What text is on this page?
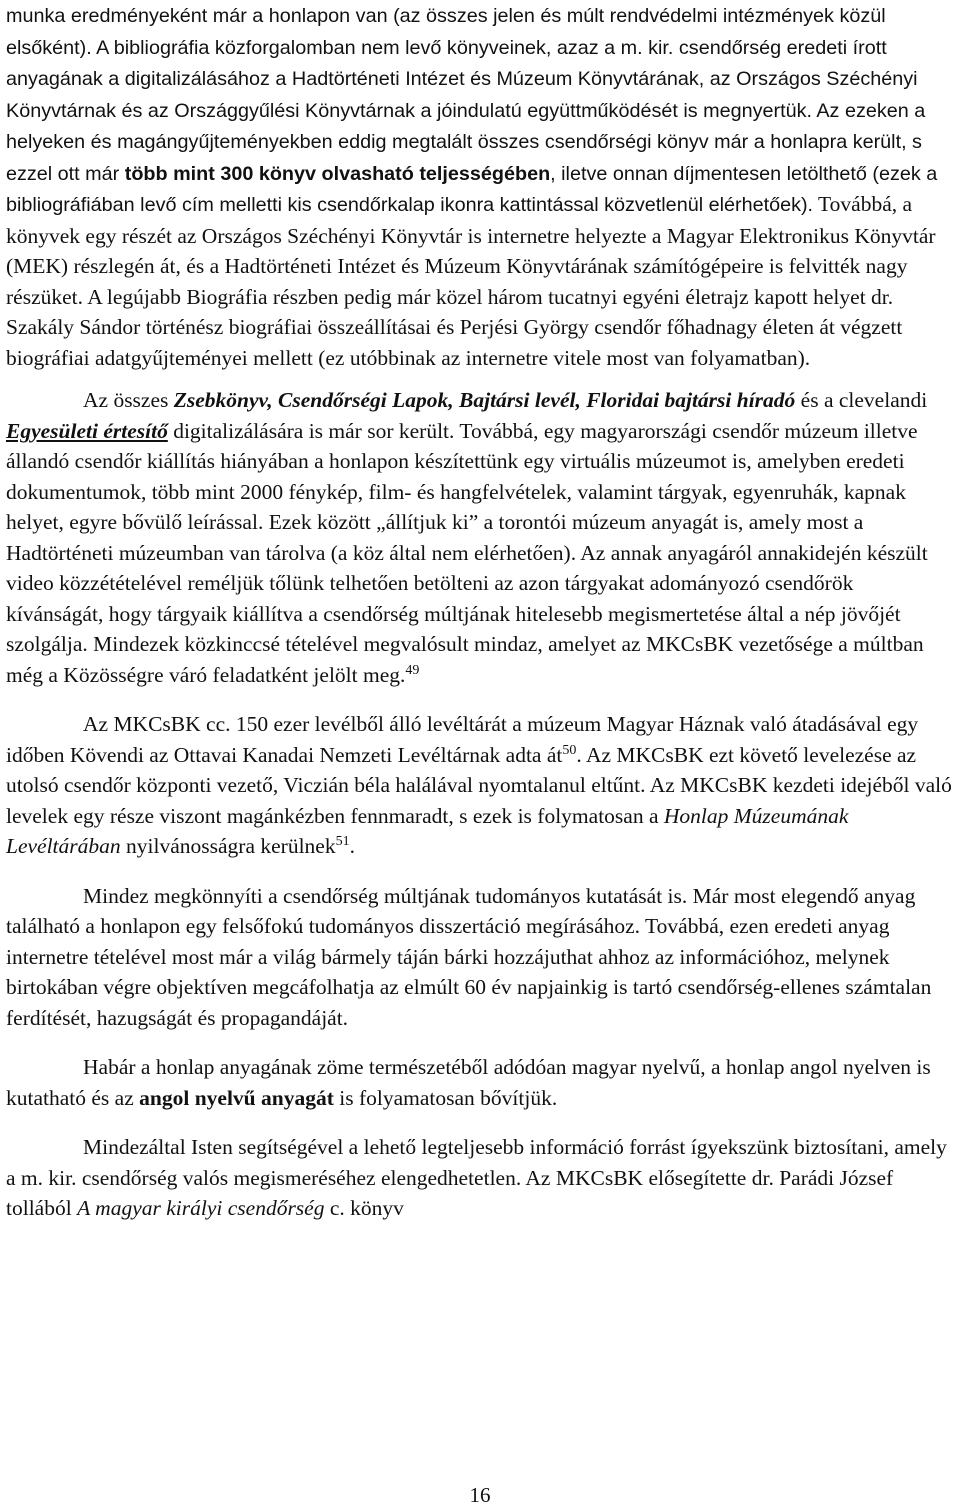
munka eredményeként már a honlapon van (az összes jelen és múlt rendvédelmi intézmények közül elsőként). A bibliográfia közforgalomban nem levő könyveinek, azaz a m. kir. csendőrség eredeti írott anyagának a digitalizálásához a Hadtörténeti Intézet és Múzeum Könyvtárának, az Országos Széchényi Könyvtárnak és az Országgyűlési Könyvtárnak a jóindulatú együttműködését is megnyertük. Az ezeken a helyeken és magángyűjteményekben eddig megtalált összes csendőrségi könyv már a honlapra került, s ezzel ott már több mint 300 könyv olvasható teljességében, iletve onnan díjmentesen letölthető (ezek a bibliográfiában levő cím melletti kis csendőrkalap ikonra kattintással közvetlenül elérhetőek). Továbbá, a könyvek egy részét az Országos Széchényi Könyvtár is internetre helyezte a Magyar Elektronikus Könyvtár (MEK) részlegén át, és a Hadtörténeti Intézet és Múzeum Könyvtárának számítógépeire is felvitték nagy részüket. A legújabb Biográfia részben pedig már közel három tucatnyi egyéni életrajz kapott helyet dr. Szakály Sándor történész biográfiai összeállításai és Perjési György csendőr főhadnagy életen át végzett biográfiai adatgyűjteményei mellett (ez utóbbinak az internetre vitele most van folyamatban).

Az összes Zsebkönyv, Csendőrségi Lapok, Bajtársi levél, Floridai bajtársi híradó és a clevelandi Egyesületi értesítő digitalizálására is már sor került. Továbbá, egy magyarországi csendőr múzeum illetve állandó csendőr kiállítás hiányában a honlapon készítettünk egy virtuális múzeumot is, amelyben eredeti dokumentumok, több mint 2000 fénykép, film- és hangfelvételek, valamint tárgyak, egyenruhák, kapnak helyet, egyre bővülő leírással. Ezek között „állítjuk ki” a torontói múzeum anyagát is, amely most a Hadtörténeti múzeumban van tárolva (a köz által nem elérhetően). Az annak anyagáról annakidején készült video közzétételével reméljük tőlünk telhetően betölteni az azon tárgyakat adományozó csendőrök kívánságát, hogy tárgyaik kiállítva a csendőrség múltjának hitelesebb megismertetése által a nép jövőjét szolgálja. Mindezek közkinccsé tételével megvalósult mindaz, amelyet az MKCsBK vezetősége a múltban még a Közösségre váró feladatként jelölt meg.$^{49}$

Az MKCsBK cc. 150 ezer levélből álló levéltárát a múzeum Magyar Háznak való átadásával egy időben Kövendi az Ottavai Kanadai Nemzeti Levéltárnak adta $át^{50}$. Az MKCsBK ezt követő levelezése az utolsó csendőr központi vezető, Viczián béla halálával nyomtalanul eltűnt. Az MKCsBK kezdeti idejéből való levelek egy része viszont magánkézben fennmaradt, s ezek is folymatosan a Honlap Múzeumának Levéltárában nyilvánosságra kerülnek$^{51}$.

Mindez megkönnyíti a csendőrség múltjának tudományos kutatását is. Már most elegendő anyag található a honlapon egy felsőfokú tudományos disszertáció megírásához. Továbbá, ezen eredeti anyag internetre tételével most már a világ bármely táján bárki hozzájuthat ahhoz az információhoz, melynek birtokában végre objektíven megcáfolhatja az elmúlt 60 év napjainkig is tartó csendőrség-ellenes számtalan ferdítését, hazugságát és propagandáját.

Habár a honlap anyagának zöme természetéből adódóan magyar nyelvű, a honlap angol nyelven is kutatható és az angol nyelvű anyagát is folyamatosan bővítjük.

Mindezáltal Isten segítségével a lehető legteljesebb információ forrást ígyekszünk biztosítani, amely a m. kir. csendőrség valós megismeréséhez elengedhetetlen. Az MKCsBK elősegítette dr. Parádi József tollából A magyar királyi csendőrség c. könyv

16
